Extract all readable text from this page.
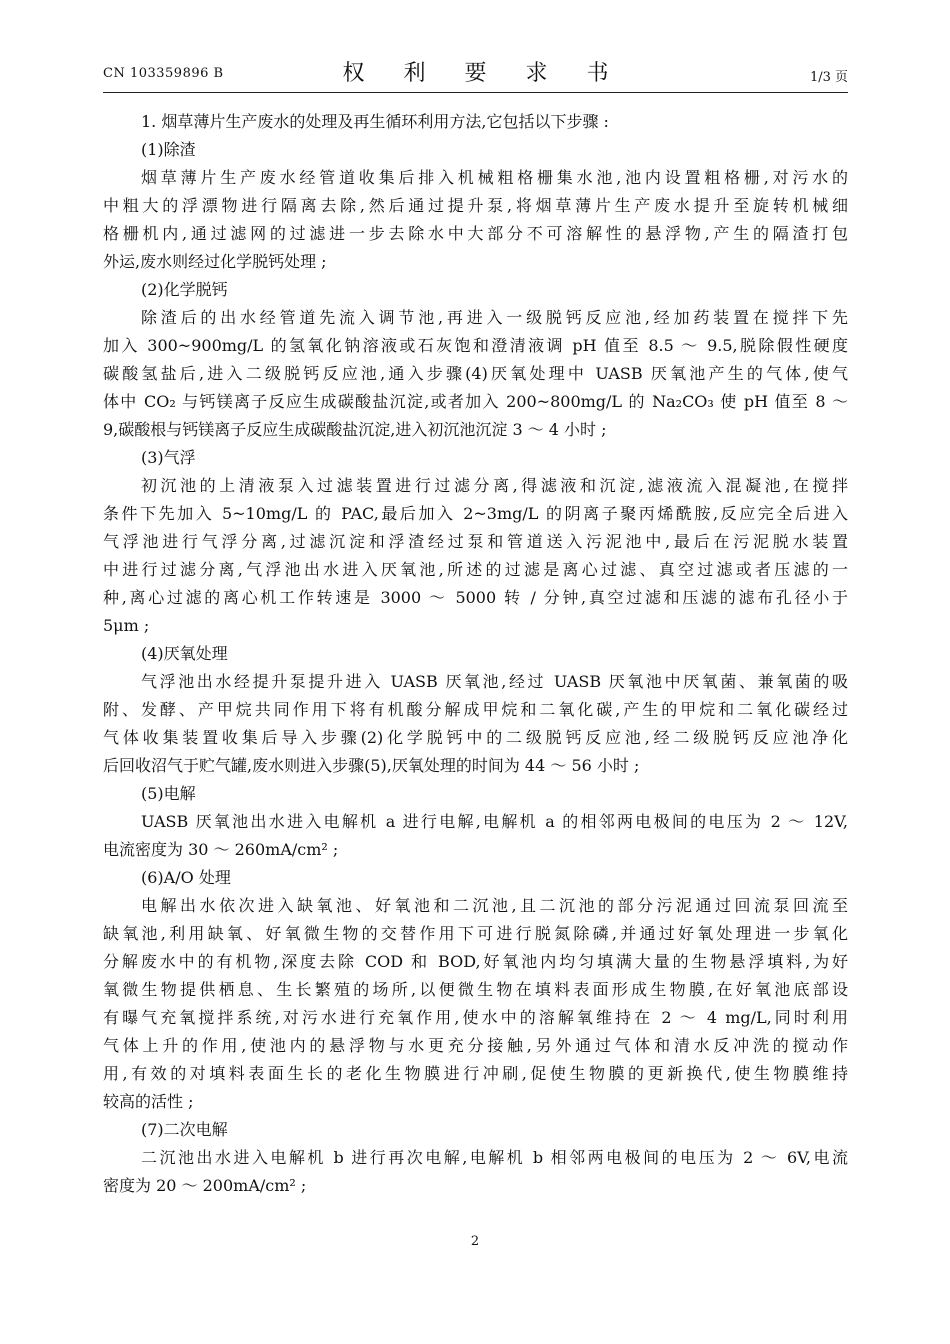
CN 103359896 B	权 利 要 求 书	1/3 页
1. 烟草薄片生产废水的处理及再生循环利用方法,它包括以下步骤 :
(1)除渣
烟草薄片生产废水经管道收集后排入机械粗格栅集水池,池内设置粗格栅,对污水的
中粗大的浮漂物进行隔离去除,然后通过提升泵,将烟草薄片生产废水提升至旋转机械细
格栅机内,通过滤网的过滤进一步去除水中大部分不可溶解性的悬浮物,产生的隔渣打包
外运,废水则经过化学脱钙处理 ;
(2)化学脱钙
除渣后的出水经管道先流入调节池,再进入一级脱钙反应池,经加药装置在搅拌下先
加入 300~900mg/L 的氢氧化钠溶液或石灰饱和澄清液调 pH 值至 8.5 ～ 9.5,脱除假性硬度
碳酸氢盐后,进入二级脱钙反应池,通入步骤(4)厌氧处理中 UASB 厌氧池产生的气体,使气
体中 CO₂ 与钙镁离子反应生成碳酸盐沉淀,或者加入 200~800mg/L 的 Na₂CO₃ 使 pH 值至 8 ～
9,碳酸根与钙镁离子反应生成碳酸盐沉淀,进入初沉池沉淀 3 ～ 4 小时 ;
(3)气浮
初沉池的上清液泵入过滤装置进行过滤分离,得滤液和沉淀,滤液流入混凝池,在搅拌
条件下先加入 5~10mg/L 的 PAC,最后加入 2~3mg/L 的阴离子聚丙烯酰胺,反应完全后进入
气浮池进行气浮分离,过滤沉淀和浮渣经过泵和管道送入污泥池中,最后在污泥脱水装置
中进行过滤分离,气浮池出水进入厌氧池,所述的过滤是离心过滤、真空过滤或者压滤的一
种,离心过滤的离心机工作转速是 3000 ～ 5000 转 / 分钟,真空过滤和压滤的滤布孔径小于
5μm ;
(4)厌氧处理
气浮池出水经提升泵提升进入 UASB 厌氧池,经过 UASB 厌氧池中厌氧菌、兼氧菌的吸
附、发酵、产甲烷共同作用下将有机酸分解成甲烷和二氧化碳,产生的甲烷和二氧化碳经过
气体收集装置收集后导入步骤(2)化学脱钙中的二级脱钙反应池,经二级脱钙反应池净化
后回收沼气于贮气罐,废水则进入步骤(5),厌氧处理的时间为 44 ～ 56 小时 ;
(5)电解
UASB 厌氧池出水进入电解机 a 进行电解,电解机 a 的相邻两电极间的电压为 2 ～ 12V,
电流密度为 30 ～ 260mA/cm² ;
(6)A/O 处理
电解出水依次进入缺氧池、好氧池和二沉池,且二沉池的部分污泥通过回流泵回流至
缺氧池,利用缺氧、好氧微生物的交替作用下可进行脱氮除磷,并通过好氧处理进一步氧化
分解废水中的有机物,深度去除 COD 和 BOD,好氧池内均匀填满大量的生物悬浮填料,为好
氧微生物提供栖息、生长繁殖的场所,以便微生物在填料表面形成生物膜,在好氧池底部设
有曝气充氧搅拌系统,对污水进行充氧作用,使水中的溶解氧维持在 2 ～ 4 mg/L,同时利用
气体上升的作用,使池内的悬浮物与水更充分接触,另外通过气体和清水反冲洗的搅动作
用,有效的对填料表面生长的老化生物膜进行冲刷,促使生物膜的更新换代,使生物膜维持
较高的活性 ;
(7)二次电解
二沉池出水进入电解机 b 进行再次电解,电解机 b 相邻两电极间的电压为 2 ～ 6V,电流
密度为 20 ～ 200mA/cm² ;
2
